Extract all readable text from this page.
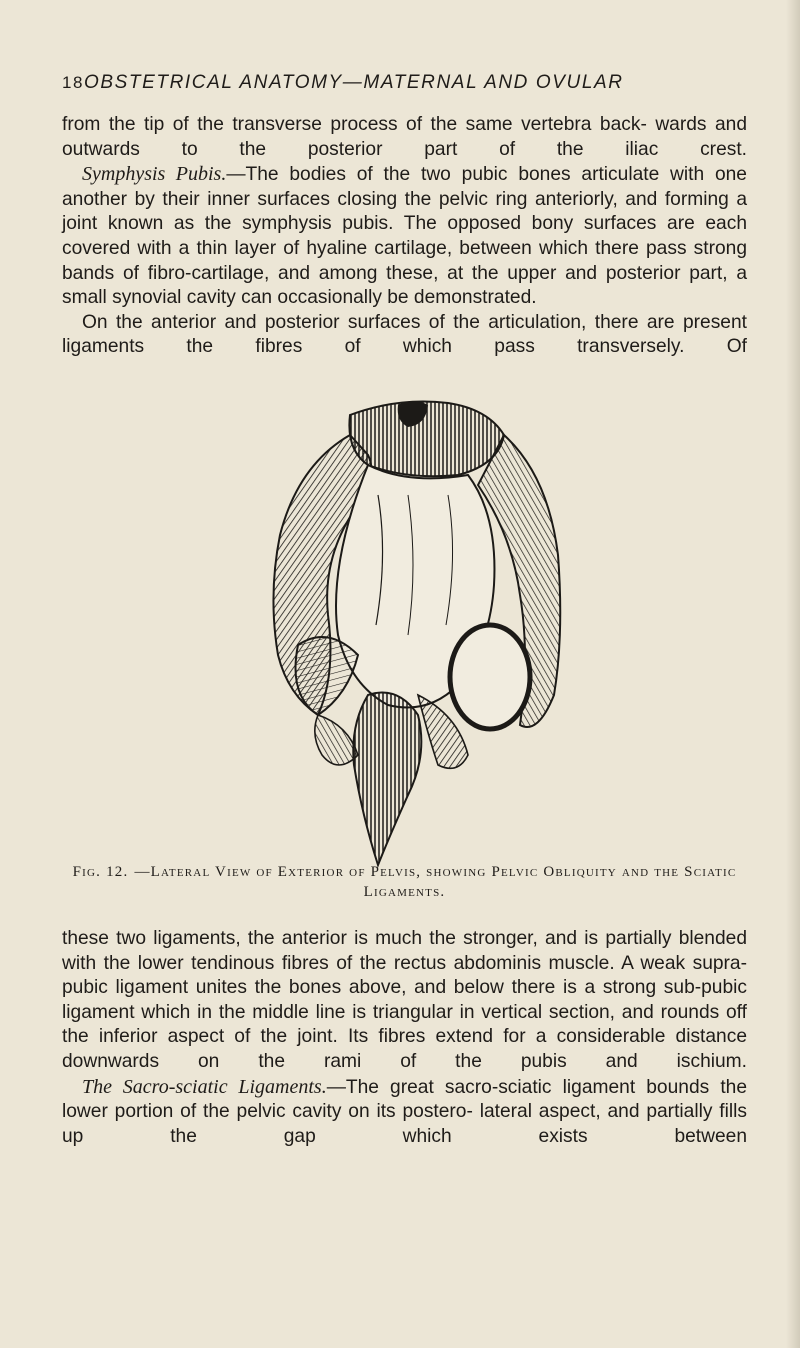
18OBSTETRICAL ANATOMY—MATERNAL AND OVULAR

from the tip of the transverse process of the same vertebra back- wards and outwards to the posterior part of the iliac crest.

Symphysis Pubis.—The bodies of the two pubic bones articulate with one another by their inner surfaces closing the pelvic ring anteriorly, and forming a joint known as the symphysis pubis. The opposed bony surfaces are each covered with a thin layer of hyaline cartilage, between which there pass strong bands of fibro-cartilage, and among these, at the upper and posterior part, a small synovial cavity can occasionally be demonstrated.

On the anterior and posterior surfaces of the articulation, there are present ligaments the fibres of which pass transversely. Of

Fig. 12. —Lateral View of Exterior of Pelvis, showing Pelvic Obliquity and the Sciatic Ligaments.

these two ligaments, the anterior is much the stronger, and is partially blended with the lower tendinous fibres of the rectus abdominis muscle. A weak supra-pubic ligament unites the bones above, and below there is a strong sub-pubic ligament which in the middle line is triangular in vertical section, and rounds off the inferior aspect of the joint. Its fibres extend for a considerable distance downwards on the rami of the pubis and ischium.

The Sacro-sciatic Ligaments.—The great sacro-sciatic ligament bounds the lower portion of the pelvic cavity on its postero- lateral aspect, and partially fills up the gap which exists between
